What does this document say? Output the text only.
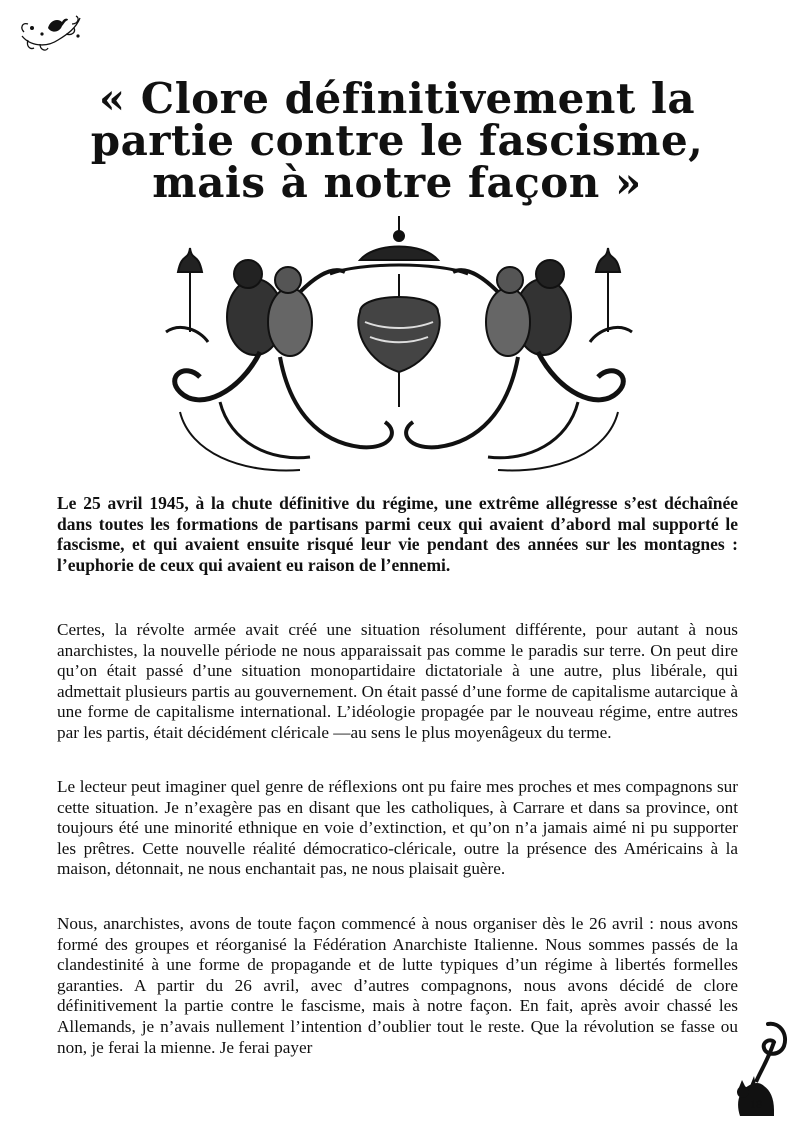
« Clore définitivement la partie contre le fascisme, mais à notre façon »
Le 25 avril 1945, à la chute définitive du régime, une extrême allégresse s’est déchaînée dans toutes les formations de partisans parmi ceux qui avaient d’abord mal supporté le fascisme, et qui avaient ensuite risqué leur vie pendant des années sur les montagnes : l’euphorie de ceux qui avaient eu raison de l’ennemi.
Certes, la révolte armée avait créé une situation résolument différente, pour autant à nous anarchistes, la nouvelle période ne nous apparaissait pas comme le paradis sur terre. On peut dire qu’on était passé d’une situation monopartidaire dictatoriale à une autre, plus libérale, qui admettait plusieurs partis au gouvernement. On était passé d’une forme de capitalisme autarcique à une forme de capitalisme international. L’idéologie propagée par le nouveau régime, entre autres par les partis, était décidément cléricale —au sens le plus moyenâgeux du terme.
Le lecteur peut imaginer quel genre de réflexions ont pu faire mes proches et mes compagnons sur cette situation. Je n’exagère pas en disant que les catholiques, à Carrare et dans sa province, ont toujours été une minorité ethnique en voie d’extinction, et qu’on n’a jamais aimé ni pu supporter les prêtres. Cette nouvelle réalité démocratico-cléricale, outre la présence des Américains à la maison, détonnait, ne nous enchantait pas, ne nous plaisait guère.
Nous, anarchistes, avons de toute façon commencé à nous organiser dès le 26 avril : nous avons formé des groupes et réorganisé la Fédération Anarchiste Italienne. Nous sommes passés de la clandestinité à une forme de propagande et de lutte typiques d’un régime à libertés formelles garanties. A partir du 26 avril, avec d’autres compagnons, nous avons décidé de clore définitivement la partie contre le fascisme, mais à notre façon. En fait, après avoir chassé les Allemands, je n’avais nullement l’intention d’oublier tout le reste. Que la révolution se fasse ou non, je ferai la mienne. Je ferai payer
18
